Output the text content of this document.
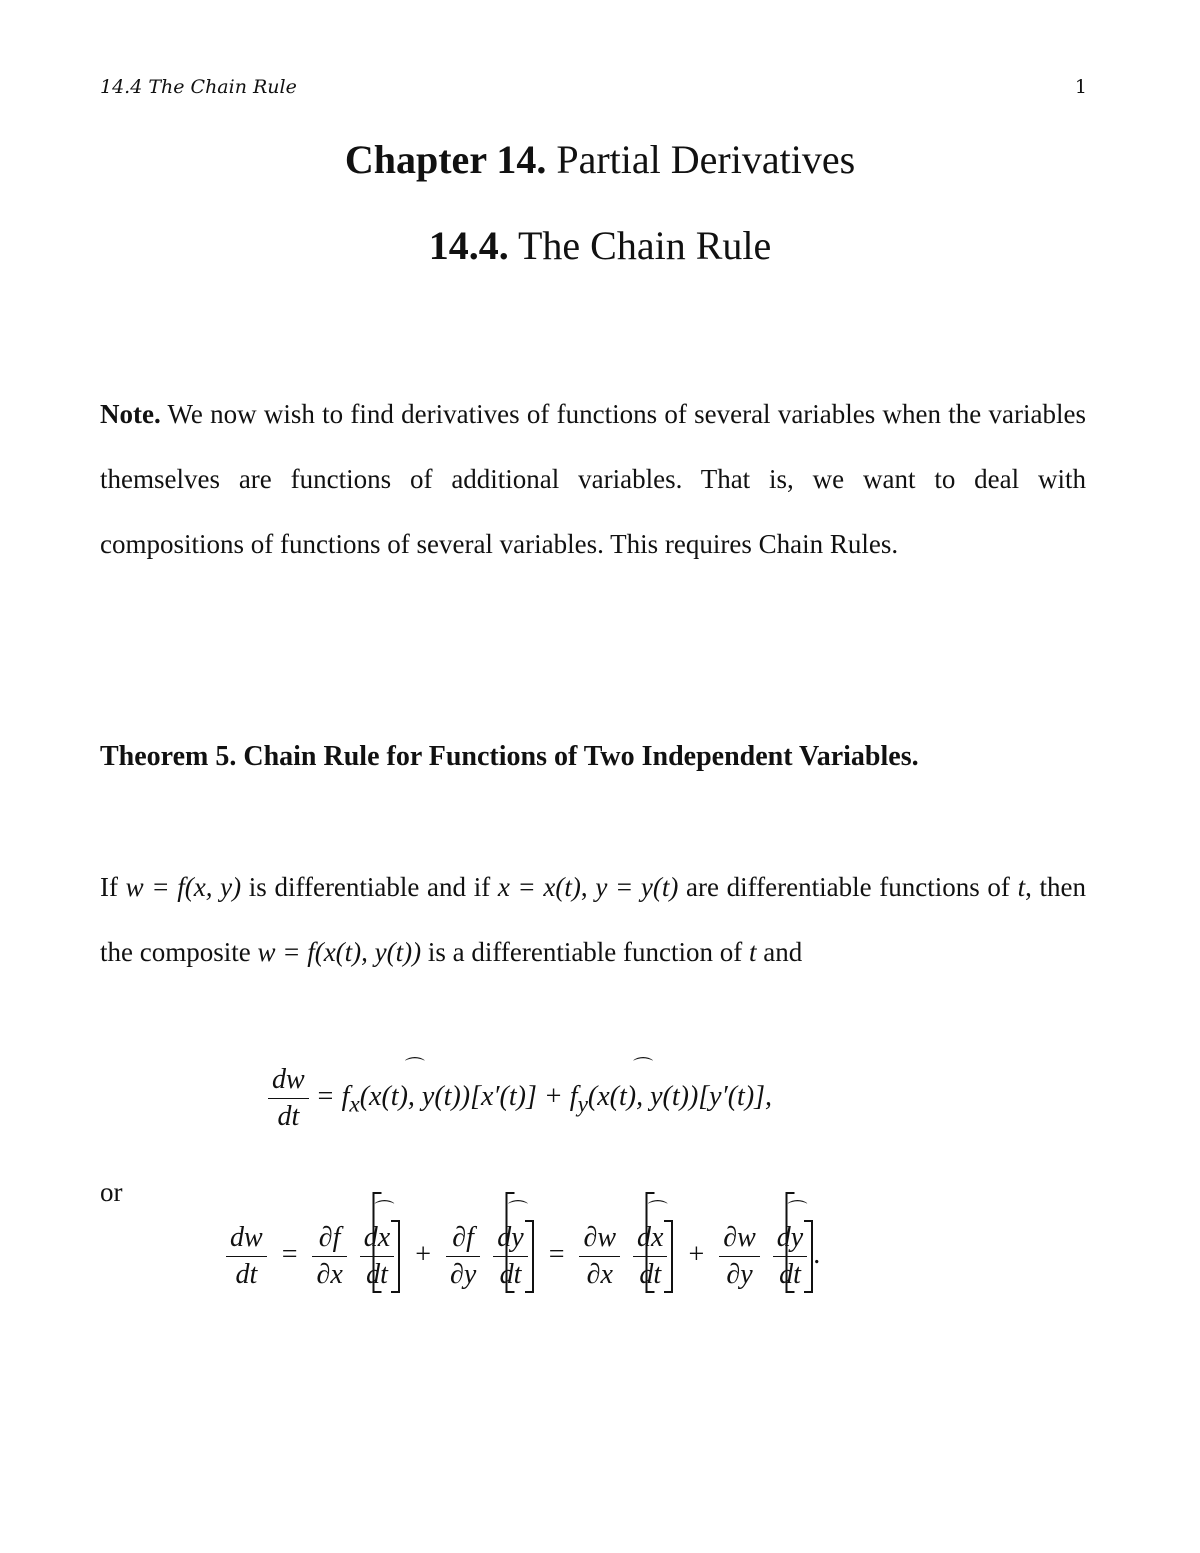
14.4 The Chain Rule	1
Chapter 14. Partial Derivatives
14.4. The Chain Rule
Note. We now wish to find derivatives of functions of several variables when the variables themselves are functions of additional variables. That is, we want to deal with compositions of functions of several variables. This requires Chain Rules.
Theorem 5. Chain Rule for Functions of Two Independent Variables.
If w = f(x, y) is differentiable and if x = x(t), y = y(t) are differentiable functions of t, then the composite w = f(x(t), y(t)) is a differentiable function of t and
$\frac{dw}{dt}$ = $f_x⌒$ (x(t), $y(t))[x'(t)] + f_y⌒$ (x(t), y(t))[y′(t)],
or
$\frac{dw}{dt} = \frac{\partial f}{\partial x}$
⌒ $\frac{dx}{dt} + \frac{\partial f}{\partial y}$
⌒ $\frac{dy}{dt} = \frac{\partial w}{\partial x}$
⌒ $\frac{dx}{dt} + \frac{\partial w}{\partial y}$
⌒ $\frac{dy}{dt}$ .
